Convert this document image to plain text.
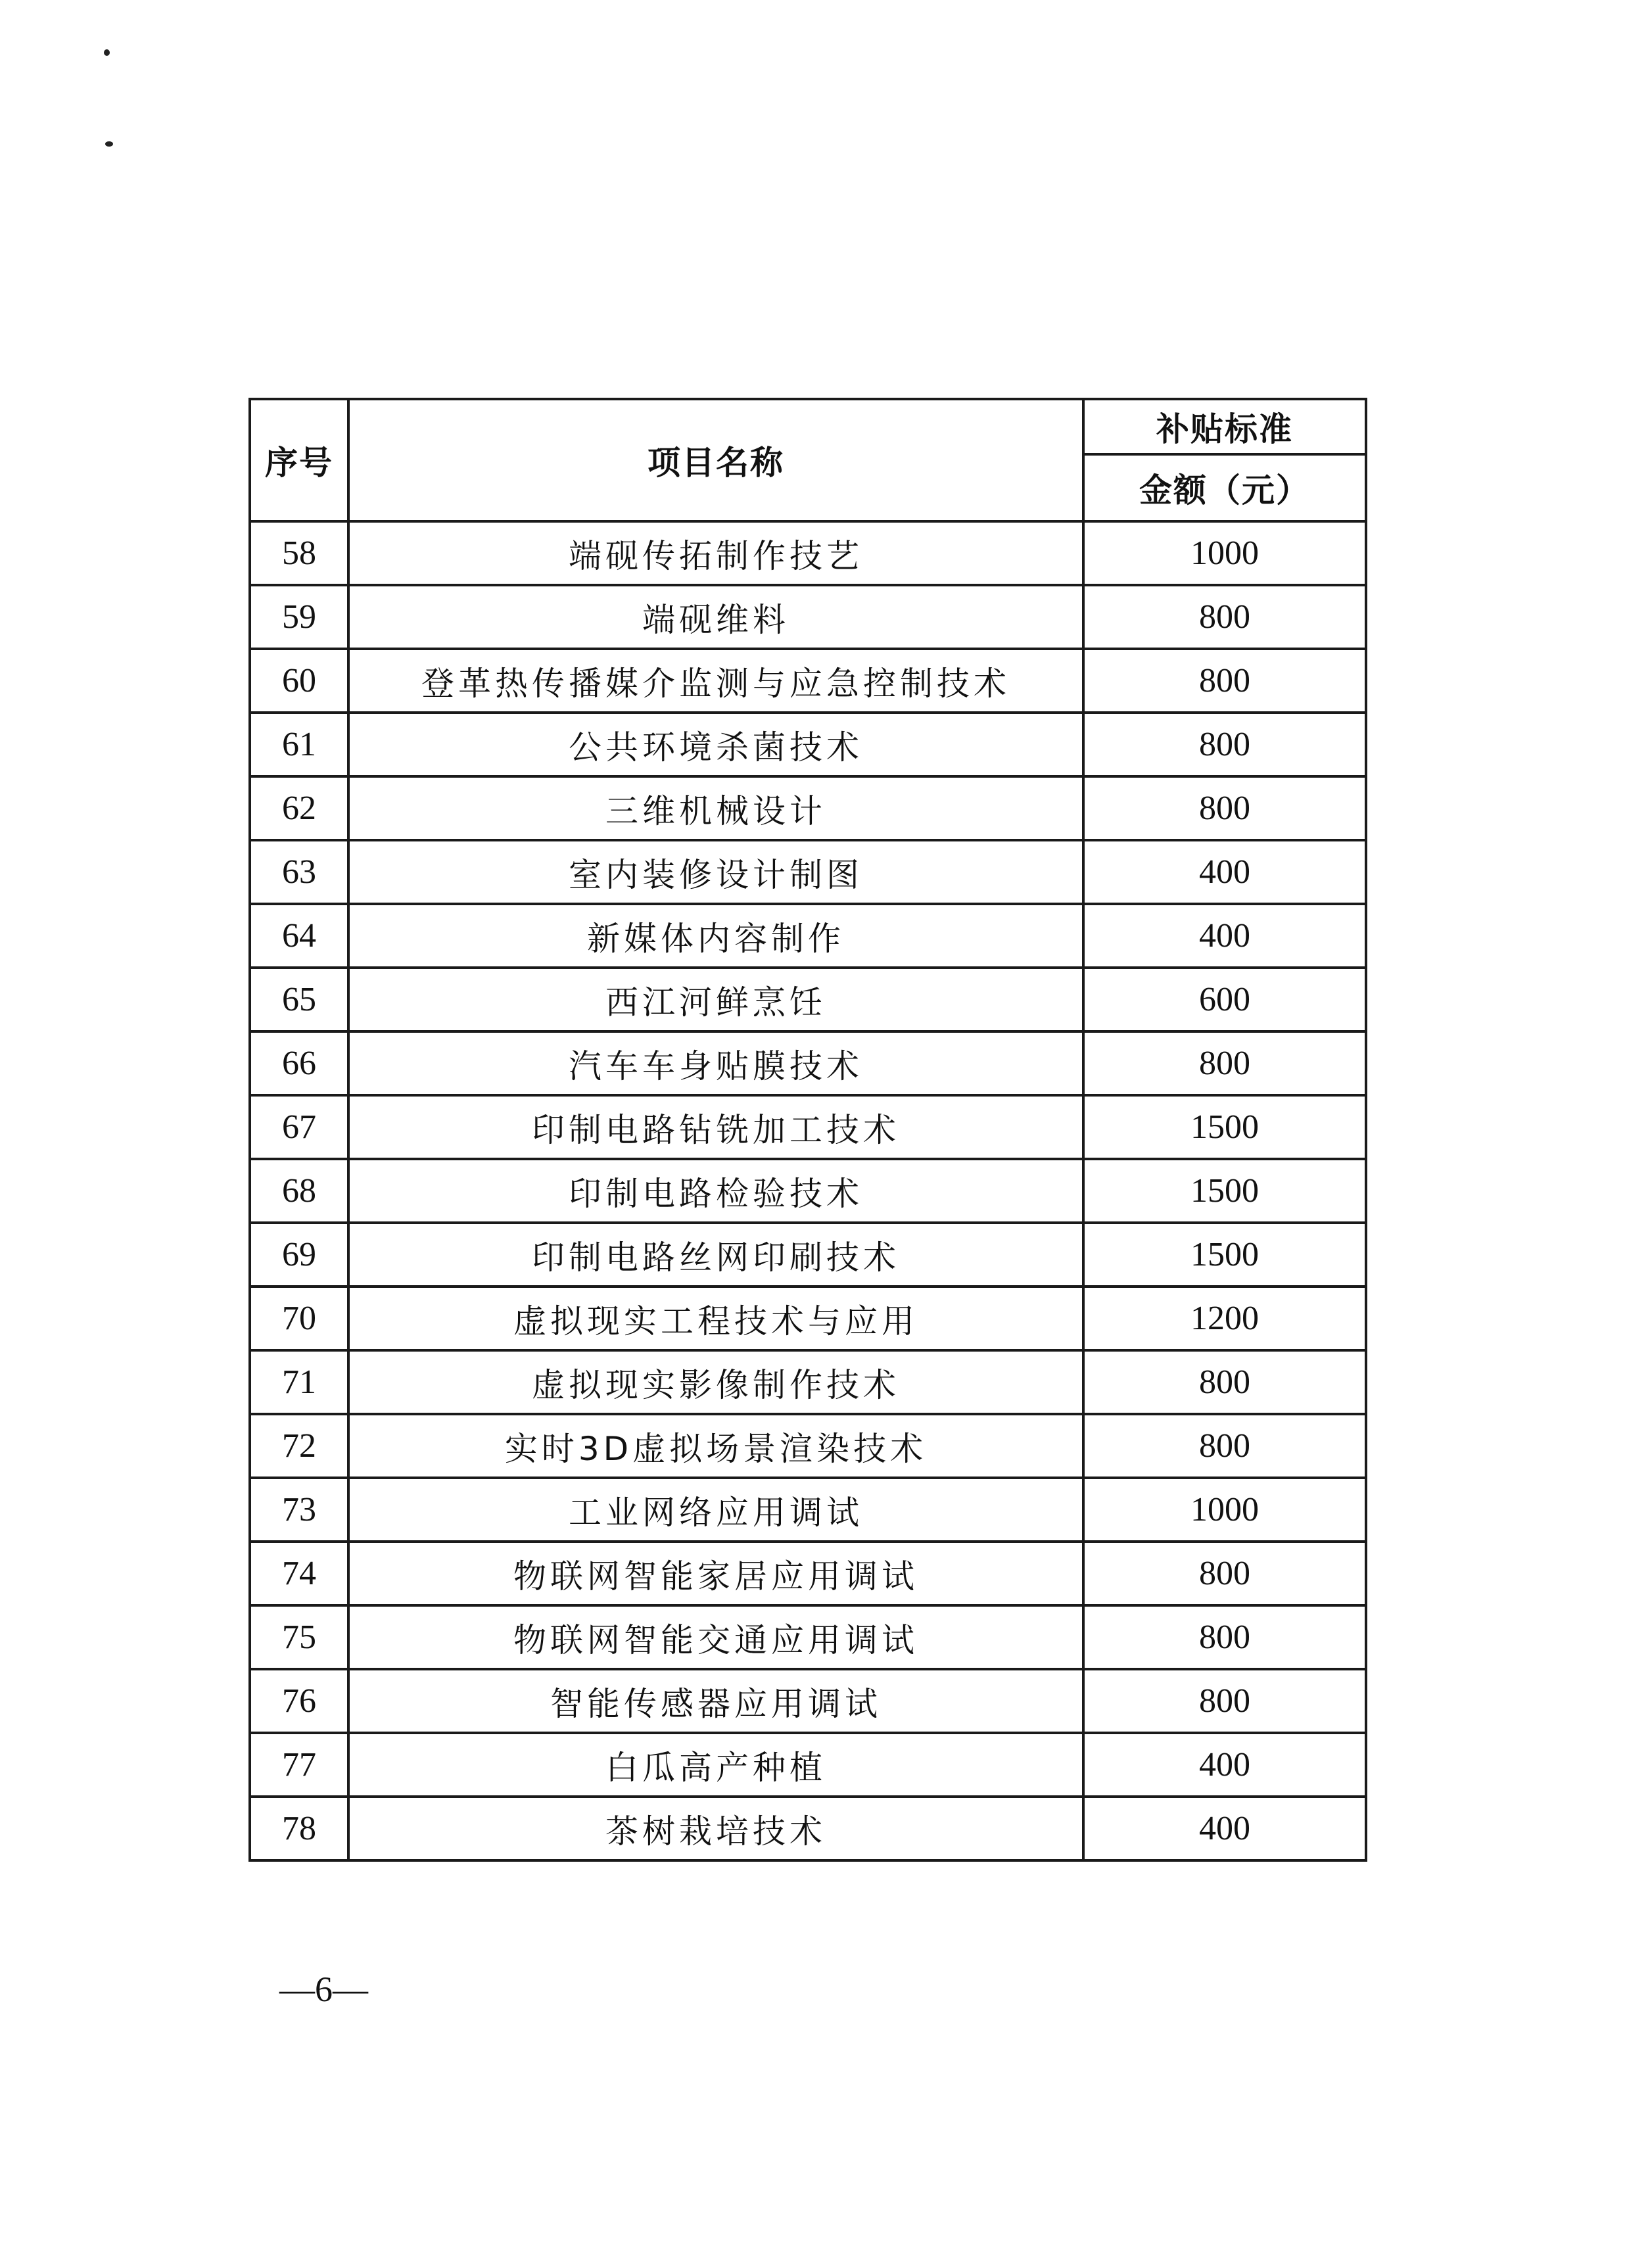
序号	项目名称	补贴标准
		金额（元）
58	端砚传拓制作技艺	1000
59	端砚维料	800
60	登革热传播媒介监测与应急控制技术	800
61	公共环境杀菌技术	800
62	三维机械设计	800
63	室内装修设计制图	400
64	新媒体内容制作	400
65	西江河鲜烹饪	600
66	汽车车身贴膜技术	800
67	印制电路钻铣加工技术	1500
68	印制电路检验技术	1500
69	印制电路丝网印刷技术	1500
70	虚拟现实工程技术与应用	1200
71	虚拟现实影像制作技术	800
72	实时3D虚拟场景渲染技术	800
73	工业网络应用调试	1000
74	物联网智能家居应用调试	800
75	物联网智能交通应用调试	800
76	智能传感器应用调试	800
77	白瓜高产种植	400
78	茶树栽培技术	400
—6—
